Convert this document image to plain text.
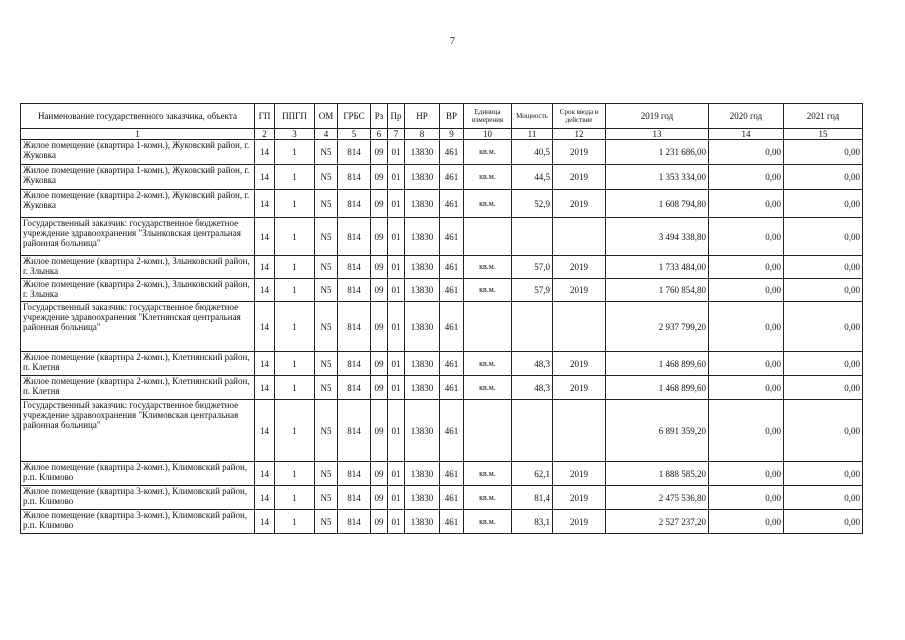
7
Наименование государственного заказчика, объекта	ГП	ППГП	ОМ	ГРБС	Рз	Пр	НР	ВР	Единица измерения	Мощность	Срок ввода в действие	2019 год	2020 год	2021 год
1	2	3	4	5	6	7	8	9	10	11	12	13	14	15
Жилое помещение (квартира 1-комн.), Жуковский район, г. Жуковка	14	1	N5	814	09	01	13830	461	кв.м.	40,5	2019	1 231 686,00	0,00	0,00
Жилое помещение (квартира 1-комн.), Жуковский район, г. Жуковка	14	1	N5	814	09	01	13830	461	кв.м.	44,5	2019	1 353 334,00	0,00	0,00
Жилое помещение (квартира 2-комн.), Жуковский район, г. Жуковка	14	1	N5	814	09	01	13830	461	кв.м.	52,9	2019	1 608 794,80	0,00	0,00
Государственный заказчик: государственное бюджетное учреждение здравоохранения "Злынковская центральная районная больница"	14	1	N5	814	09	01	13830	461				3 494 338,80	0,00	0,00
Жилое помещение (квартира 2-комн.), Злынковский район, г. Злынка	14	1	N5	814	09	01	13830	461	кв.м.	57,0	2019	1 733 484,00	0,00	0,00
Жилое помещение (квартира 2-комн.), Злынковский район, г. Злынка	14	1	N5	814	09	01	13830	461	кв.м.	57,9	2019	1 760 854,80	0,00	0,00
Государственный заказчик: государственное бюджетное учреждение здравоохранения "Клетнянская центральная районная больница"	14	1	N5	814	09	01	13830	461				2 937 799,20	0,00	0,00
Жилое помещение (квартира 2-комн.), Клетнянский район, п. Клетня	14	1	N5	814	09	01	13830	461	кв.м.	48,3	2019	1 468 899,60	0,00	0,00
Жилое помещение (квартира 2-комн.), Клетнянский район, п. Клетня	14	1	N5	814	09	01	13830	461	кв.м.	48,3	2019	1 468 899,60	0,00	0,00
Государственный заказчик: государственное бюджетное учреждение здравоохранения "Климовская центральная районная больница"	14	1	N5	814	09	01	13830	461				6 891 359,20	0,00	0,00
Жилое помещение (квартира 2-комн.), Климовский район, р.п. Климово	14	1	N5	814	09	01	13830	461	кв.м.	62,1	2019	1 888 585,20	0,00	0,00
Жилое помещение (квартира 3-комн.), Климовский район, р.п. Климово	14	1	N5	814	09	01	13830	461	кв.м.	81,4	2019	2 475 536,80	0,00	0,00
Жилое помещение (квартира 3-комн.), Климовский район, р.п. Климово	14	1	N5	814	09	01	13830	461	кв.м.	83,1	2019	2 527 237,20	0,00	0,00
